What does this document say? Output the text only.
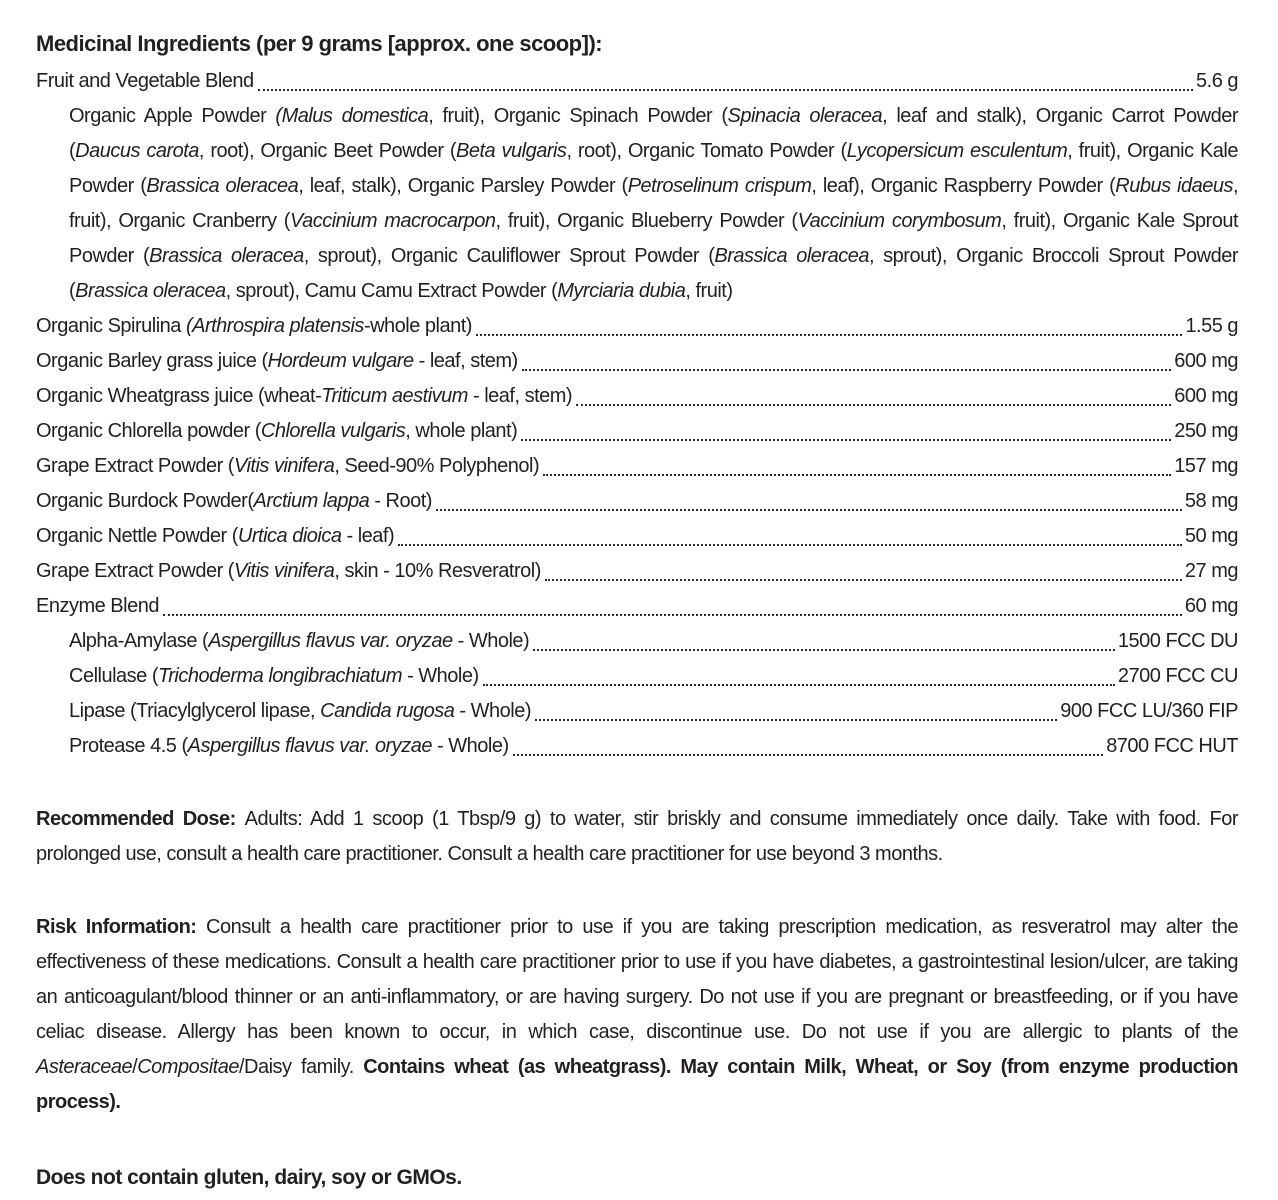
Medicinal Ingredients (per 9 grams [approx. one scoop]):
Fruit and Vegetable Blend	5.6 g

Organic Apple Powder (Malus domestica, fruit), Organic Spinach Powder (Spinacia oleracea, leaf and stalk), Organic Carrot Powder (Daucus carota, root), Organic Beet Powder (Beta vulgaris, root), Organic Tomato Powder (Lycopersicum esculentum, fruit), Organic Kale Powder (Brassica oleracea, leaf, stalk), Organic Parsley Powder (Petroselinum crispum, leaf), Organic Raspberry Powder (Rubus idaeus, fruit), Organic Cranberry (Vaccinium macrocarpon, fruit), Organic Blueberry Powder (Vaccinium corymbosum, fruit), Organic Kale Sprout Powder (Brassica oleracea, sprout), Organic Cauliflower Sprout Powder (Brassica oleracea, sprout), Organic Broccoli Sprout Powder (Brassica oleracea, sprout), Camu Camu Extract Powder (Myrciaria dubia, fruit)

Organic Spirulina (Arthrospira platensis-whole plant)	1.55 g
Organic Barley grass juice (Hordeum vulgare - leaf, stem)	600 mg
Organic Wheatgrass juice (wheat-Triticum aestivum - leaf, stem)	600 mg
Organic Chlorella powder (Chlorella vulgaris, whole plant)	250 mg
Grape Extract Powder (Vitis vinifera, Seed-90% Polyphenol)	157 mg
Organic Burdock Powder(Arctium lappa - Root)	58 mg
Organic Nettle Powder (Urtica dioica - leaf)	50 mg
Grape Extract Powder (Vitis vinifera, skin - 10% Resveratrol)	27 mg
Enzyme Blend	60 mg
Alpha-Amylase (Aspergillus flavus var. oryzae - Whole)	1500 FCC DU
Cellulase (Trichoderma longibrachiatum - Whole)	2700 FCC CU
Lipase (Triacylglycerol lipase, Candida rugosa - Whole)	900 FCC LU/360 FIP
Protease 4.5 (Aspergillus flavus var. oryzae - Whole)	8700 FCC HUT

Recommended Dose: Adults: Add 1 scoop (1 Tbsp/9 g) to water, stir briskly and consume immediately once daily. Take with food. For prolonged use, consult a health care practitioner. Consult a health care practitioner for use beyond 3 months.

Risk Information: Consult a health care practitioner prior to use if you are taking prescription medication, as resveratrol may alter the effectiveness of these medications. Consult a health care practitioner prior to use if you have diabetes, a gastrointestinal lesion/ulcer, are taking an anticoagulant/blood thinner or an anti-inflammatory, or are having surgery. Do not use if you are pregnant or breastfeeding, or if you have celiac disease. Allergy has been known to occur, in which case, discontinue use. Do not use if you are allergic to plants of the Asteraceae/Compositae/Daisy family. Contains wheat (as wheatgrass). May contain Milk, Wheat, or Soy (from enzyme production process).

Does not contain gluten, dairy, soy or GMOs.
